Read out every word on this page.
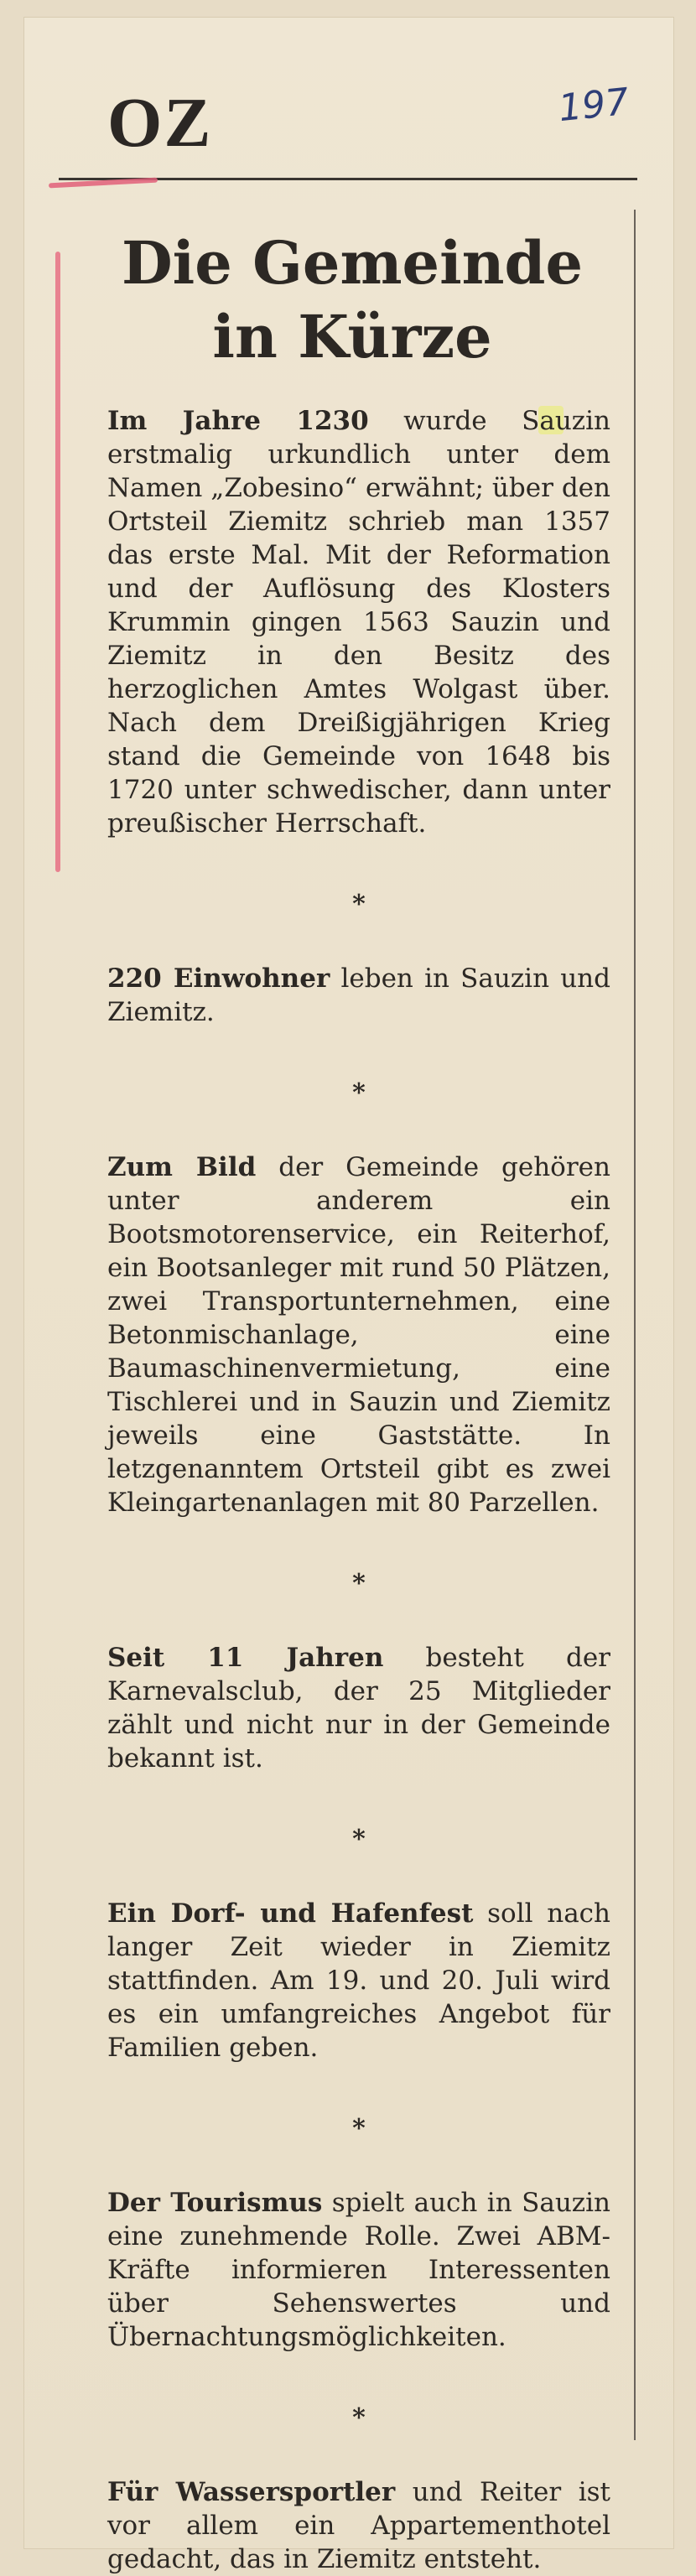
OZ	197
Die Gemeinde
in Kürze

Im Jahre 1230 wurde Sauzin erstmalig urkundlich unter dem Namen „Zobesino“ erwähnt; über den Ortsteil Ziemitz schrieb man 1357 das erste Mal. Mit der Reformation und der Auflösung des Klosters Krummin gingen 1563 Sauzin und Ziemitz in den Besitz des herzoglichen Amtes Wolgast über. Nach dem Dreißigjährigen Krieg stand die Gemeinde von 1648 bis 1720 unter schwedischer, dann unter preußischer Herrschaft.

*

220 Einwohner leben in Sauzin und Ziemitz.

*

Zum Bild der Gemeinde gehören unter anderem ein Bootsmotorenservice, ein Reiterhof, ein Bootsanleger mit rund 50 Plätzen, zwei Transportunternehmen, eine Betonmischanlage, eine Baumaschinenvermietung, eine Tischlerei und in Sauzin und Ziemitz jeweils eine Gaststätte. In letzgenanntem Ortsteil gibt es zwei Kleingartenanlagen mit 80 Parzellen.

*

Seit 11 Jahren besteht der Karnevalsclub, der 25 Mitglieder zählt und nicht nur in der Gemeinde bekannt ist.

*

Ein Dorf- und Hafenfest soll nach langer Zeit wieder in Ziemitz stattfinden. Am 19. und 20. Juli wird es ein umfangreiches Angebot für Familien geben.

*

Der Tourismus spielt auch in Sauzin eine zunehmende Rolle. Zwei ABM-Kräfte informieren Interessenten über Sehenswertes und Übernachtungsmöglichkeiten.

*

Für Wassersportler und Reiter ist vor allem ein Appartementhotel gedacht, das in Ziemitz entsteht.
